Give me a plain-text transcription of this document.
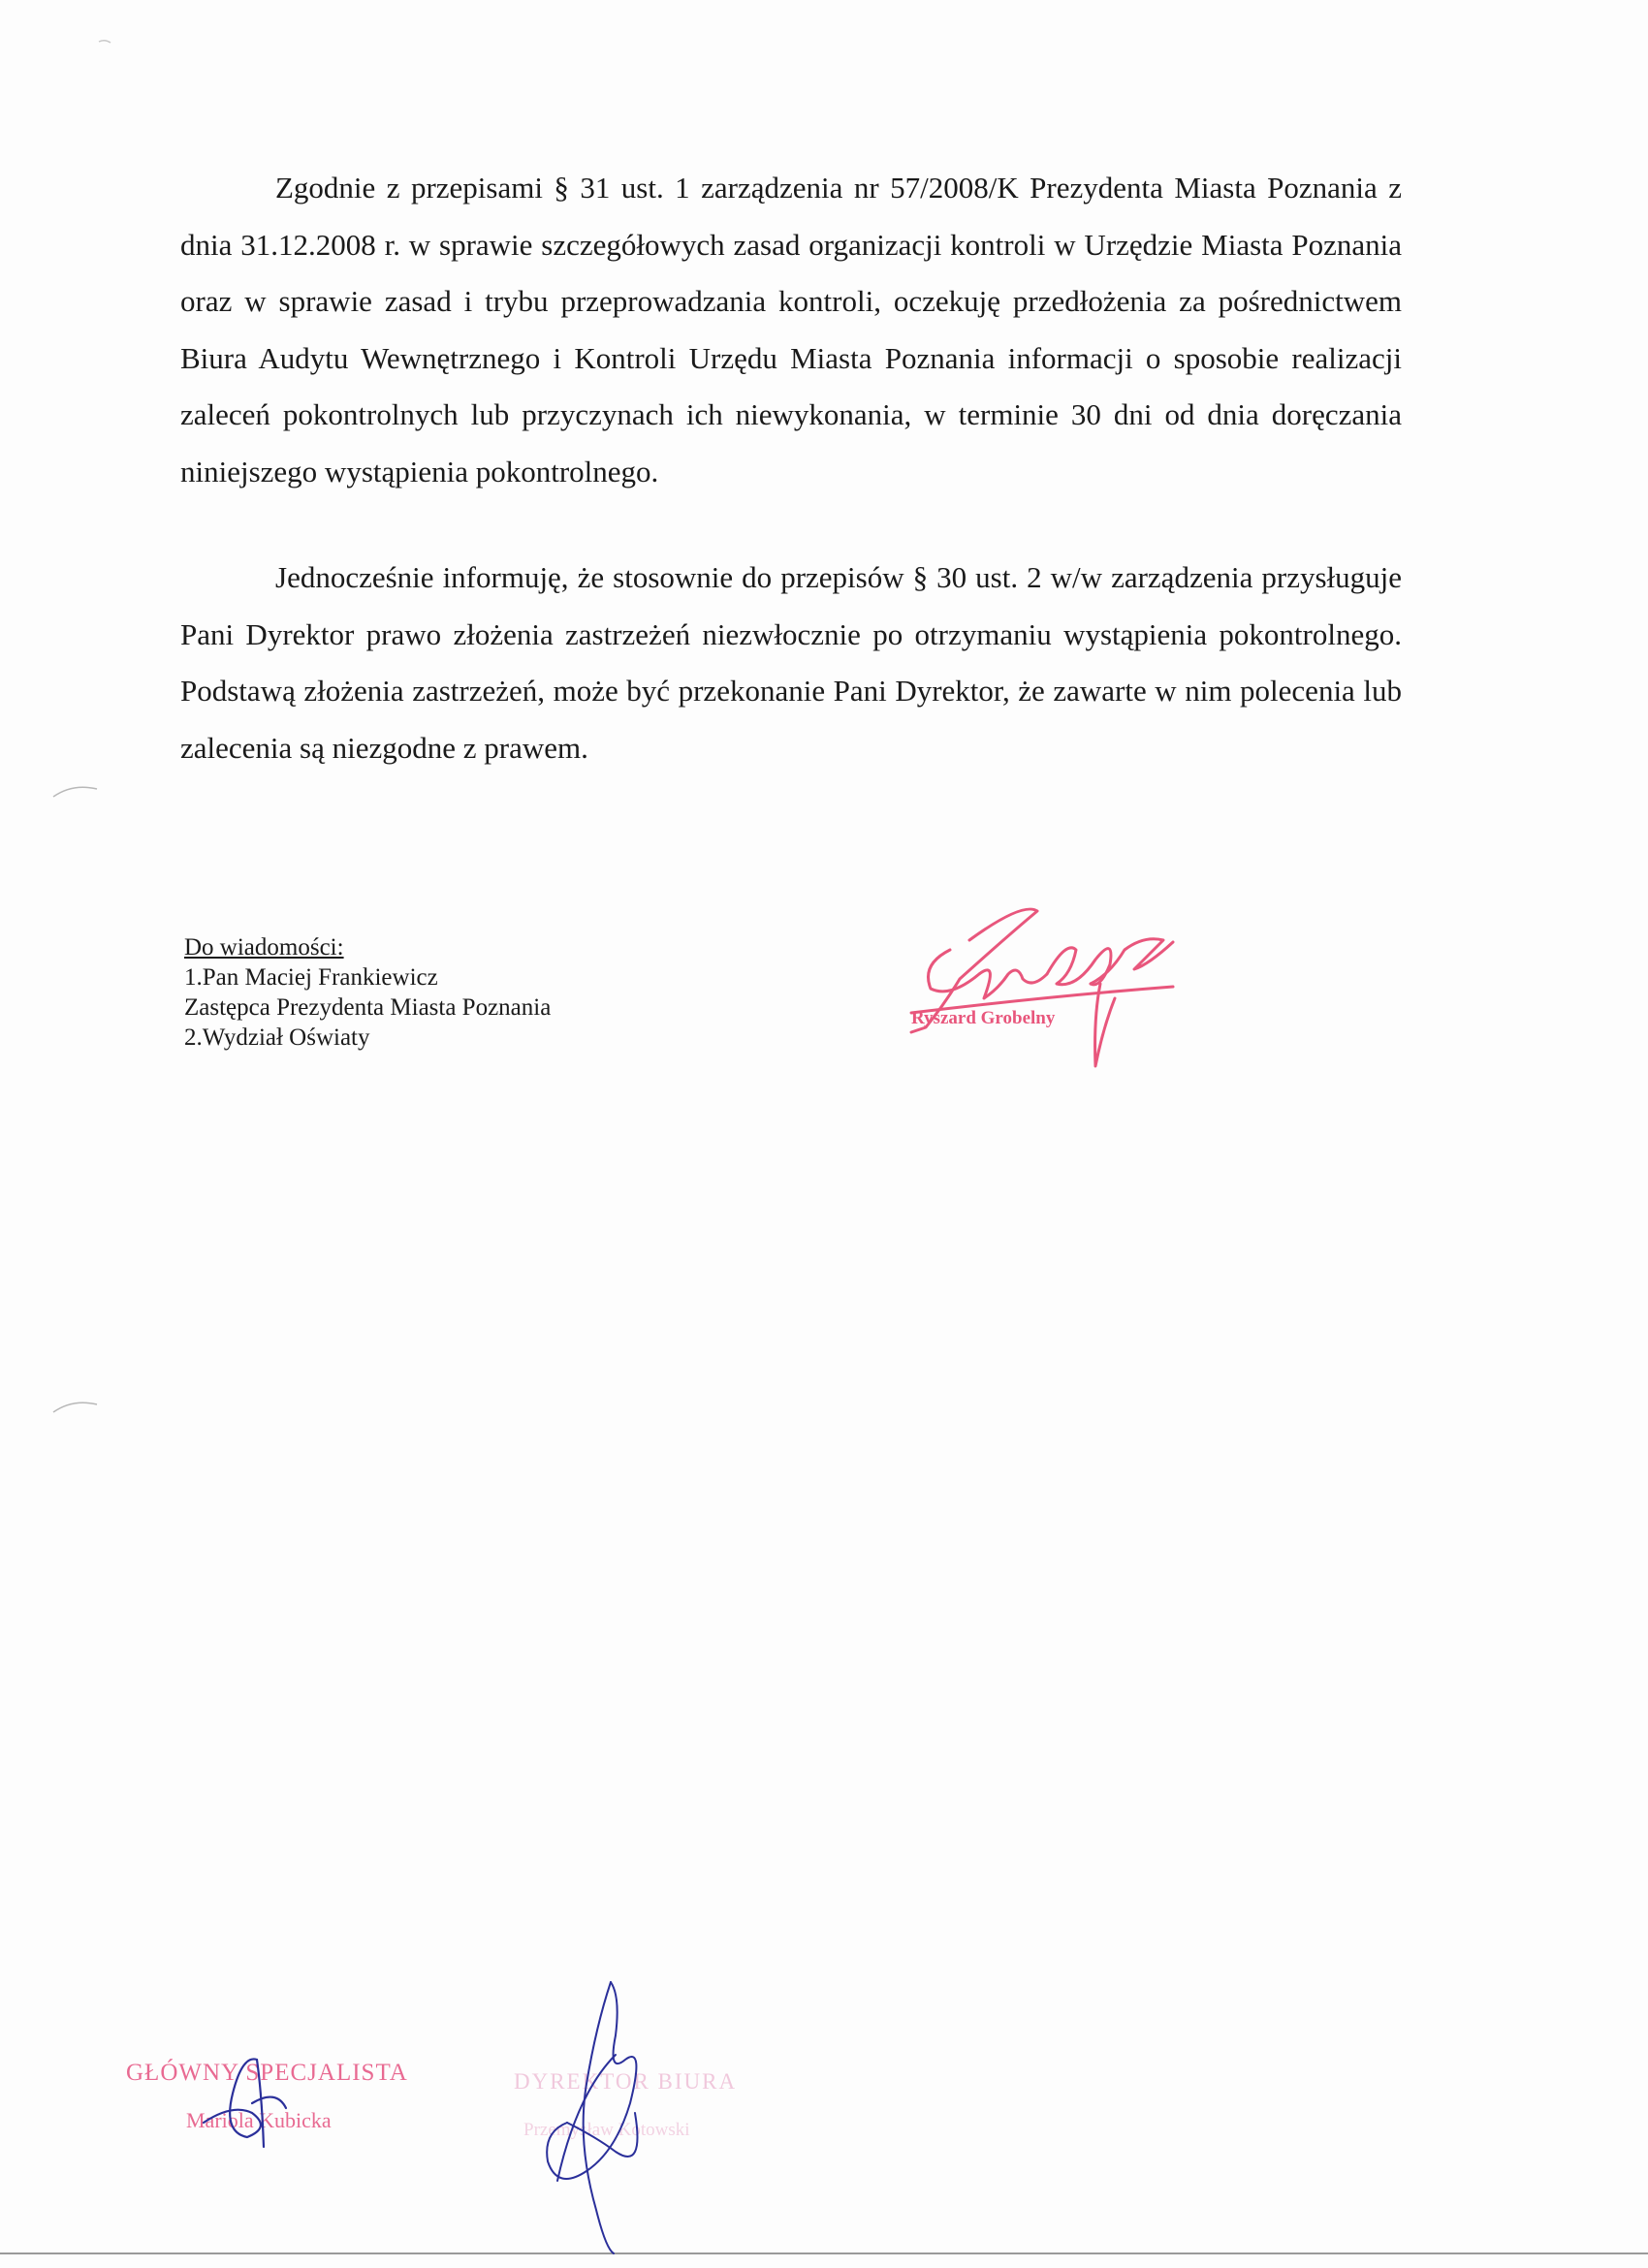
Zgodnie z przepisami § 31 ust. 1 zarządzenia nr 57/2008/K Prezydenta Miasta Poznania z dnia 31.12.2008 r. w sprawie szczegółowych zasad organizacji kontroli w Urzędzie Miasta Poznania oraz w sprawie zasad i trybu przeprowadzania kontroli, oczekuję przedłożenia za pośrednictwem Biura Audytu Wewnętrznego i Kontroli Urzędu Miasta Poznania informacji o sposobie realizacji zaleceń pokontrolnych lub przyczynach ich niewykonania, w terminie 30 dni od dnia doręczania niniejszego wystąpienia pokontrolnego.

Jednocześnie informuję, że stosownie do przepisów § 30 ust. 2 w/w zarządzenia przysługuje Pani Dyrektor prawo złożenia zastrzeżeń niezwłocznie po otrzymaniu wystąpienia pokontrolnego. Podstawą złożenia zastrzeżeń, może być przekonanie Pani Dyrektor, że zawarte w nim polecenia lub zalecenia są niezgodne z prawem.

Do wiadomości:
1.Pan Maciej Frankiewicz
Zastępca Prezydenta Miasta Poznania
2.Wydział Oświaty
Ryszard Grobelny
GŁÓWNY SPECJALISTA
Mariola Kubicka
DYREKTOR BIURA
Przemysław Kotowski
